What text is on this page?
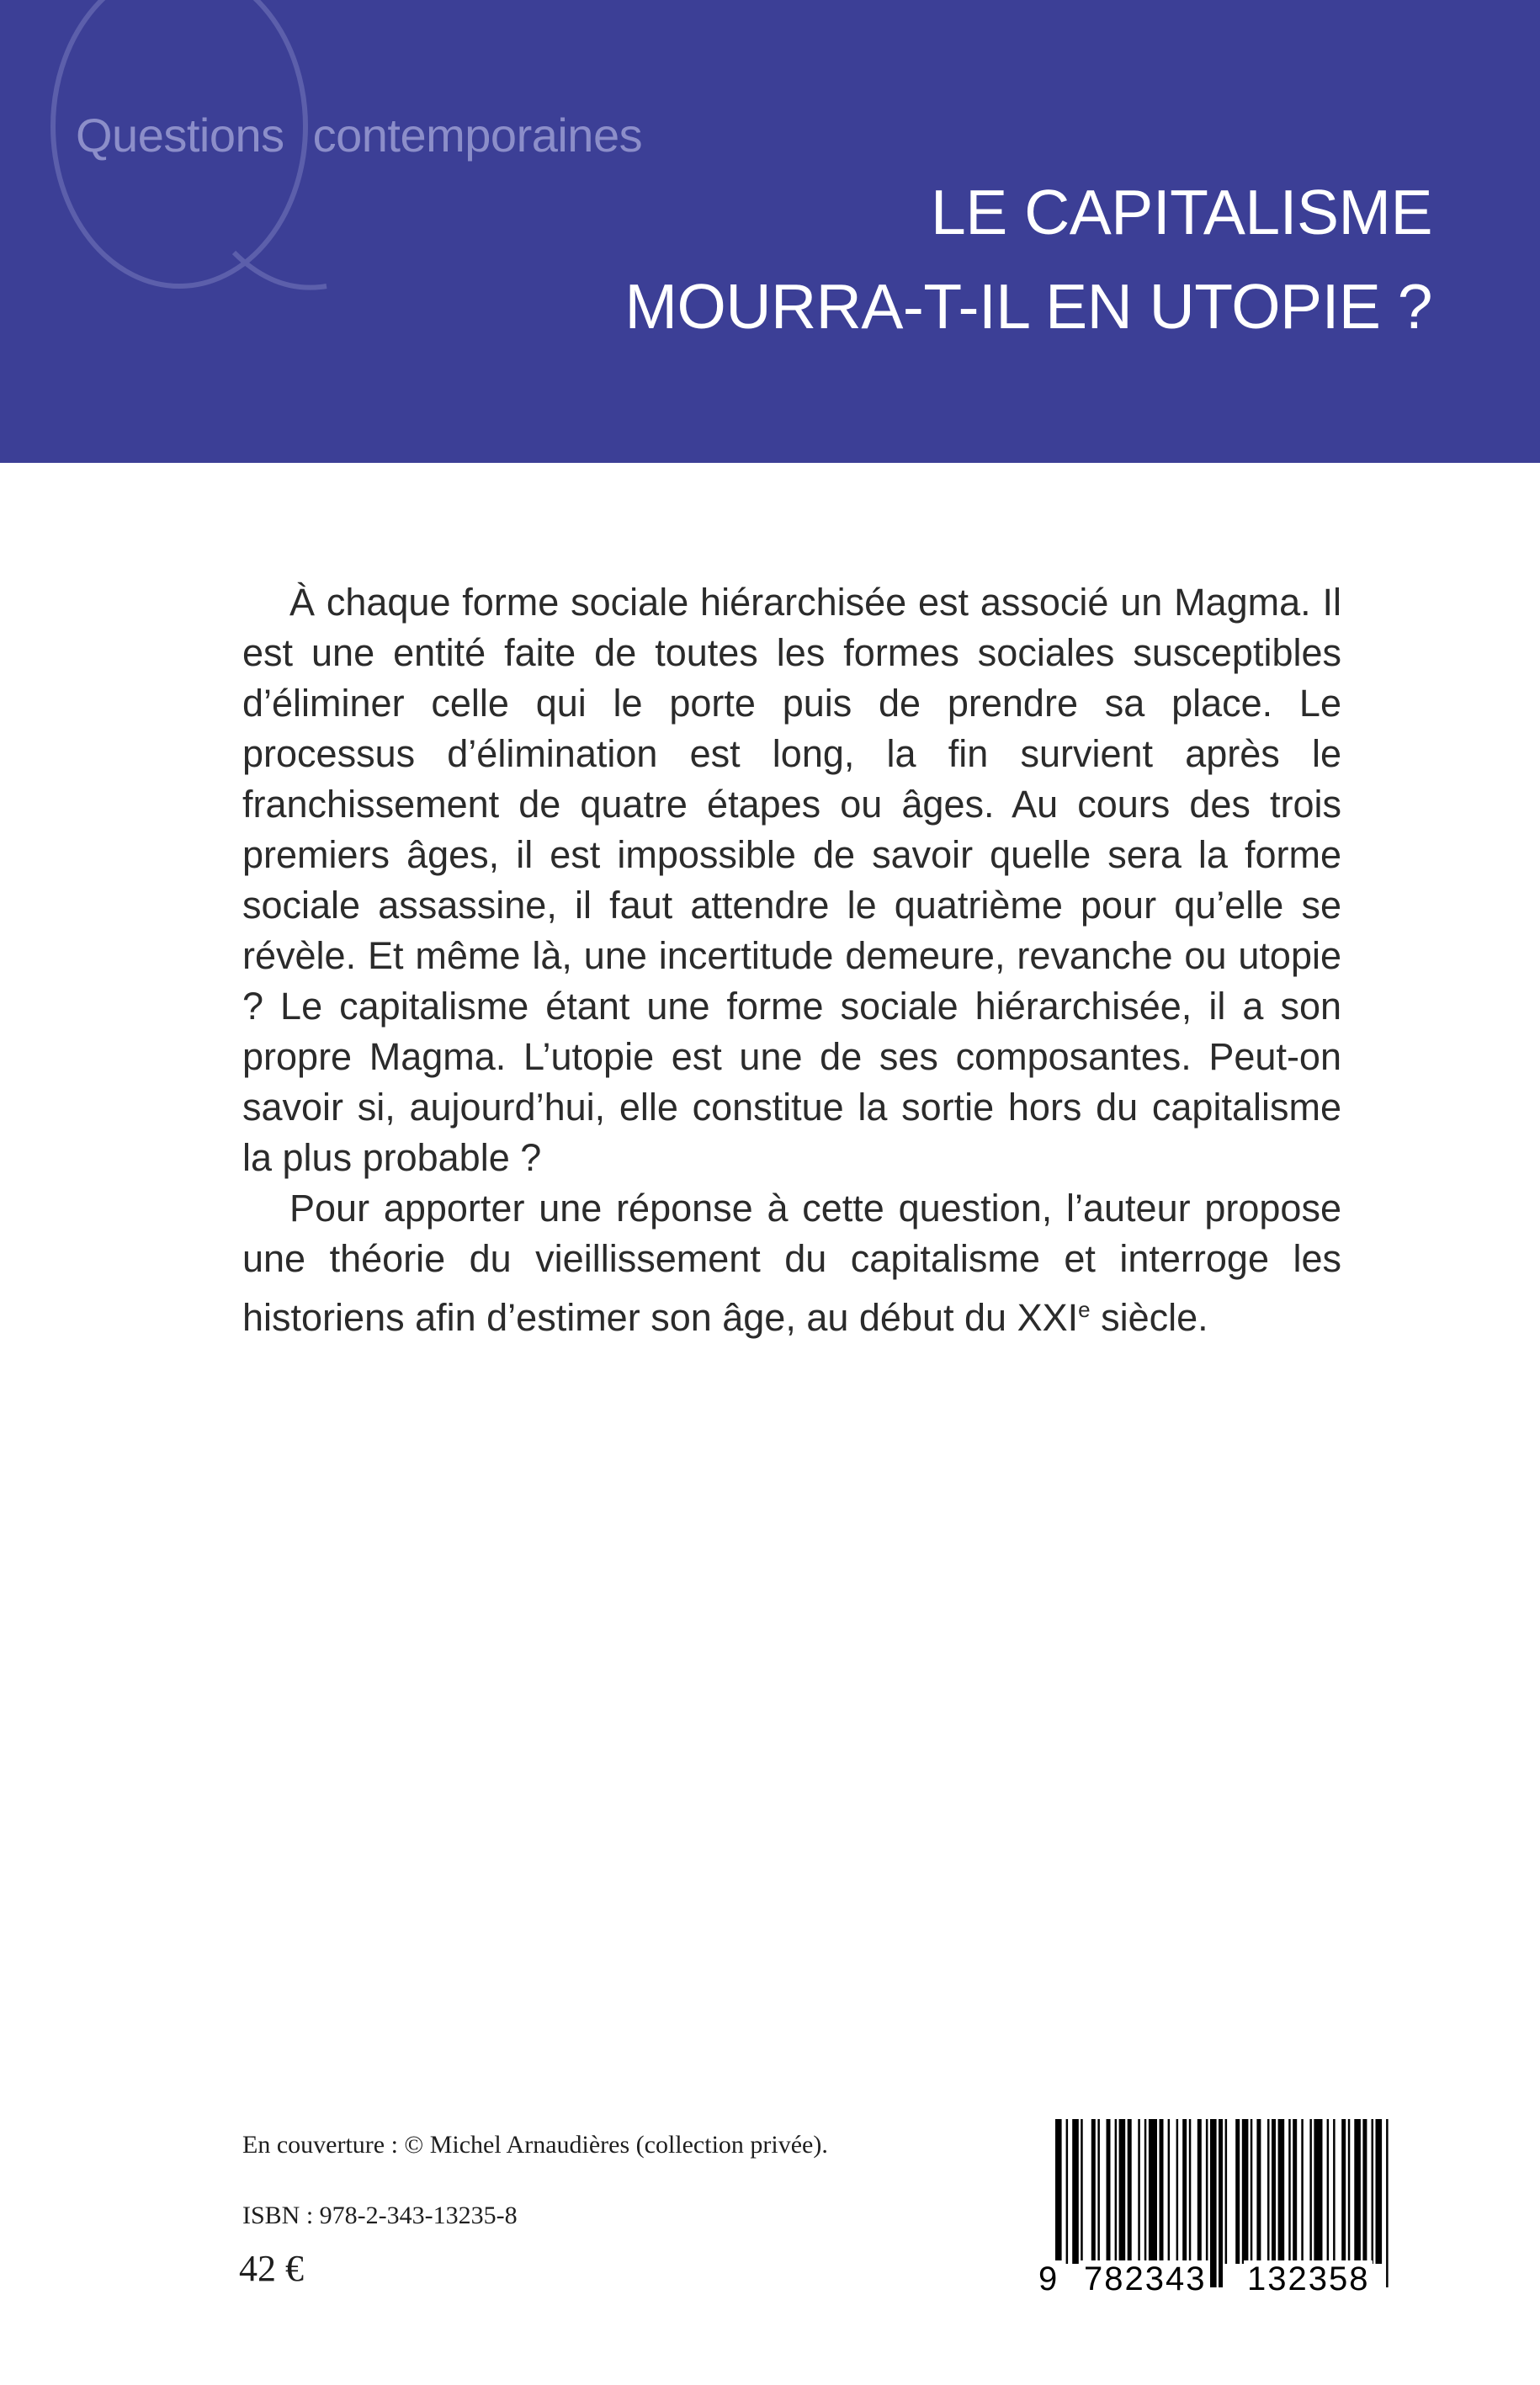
Questions contemporaines

LE CAPITALISME
MOURRA-T-IL EN UTOPIE ?

À chaque forme sociale hiérarchisée est associé un Magma. Il est une entité faite de toutes les formes sociales susceptibles d’éliminer celle qui le porte puis de prendre sa place. Le processus d’élimination est long, la fin survient après le franchissement de quatre étapes ou âges. Au cours des trois premiers âges, il est impossible de savoir quelle sera la forme sociale assassine, il faut attendre le quatrième pour qu’elle se révèle. Et même là, une incertitude demeure, revanche ou utopie ? Le capitalisme étant une forme sociale hiérarchisée, il a son propre Magma. L’utopie est une de ses composantes. Peut-on savoir si, aujourd’hui, elle constitue la sortie hors du capitalisme la plus probable ?

Pour apporter une réponse à cette question, l’auteur propose une théorie du vieillissement du capitalisme et interroge les historiens afin d’estimer son âge, au début du XXIe siècle.

En couverture : © Michel Arnaudières (collection privée).

ISBN : 978-2-343-13235-8

42 €	9 782343 132358
